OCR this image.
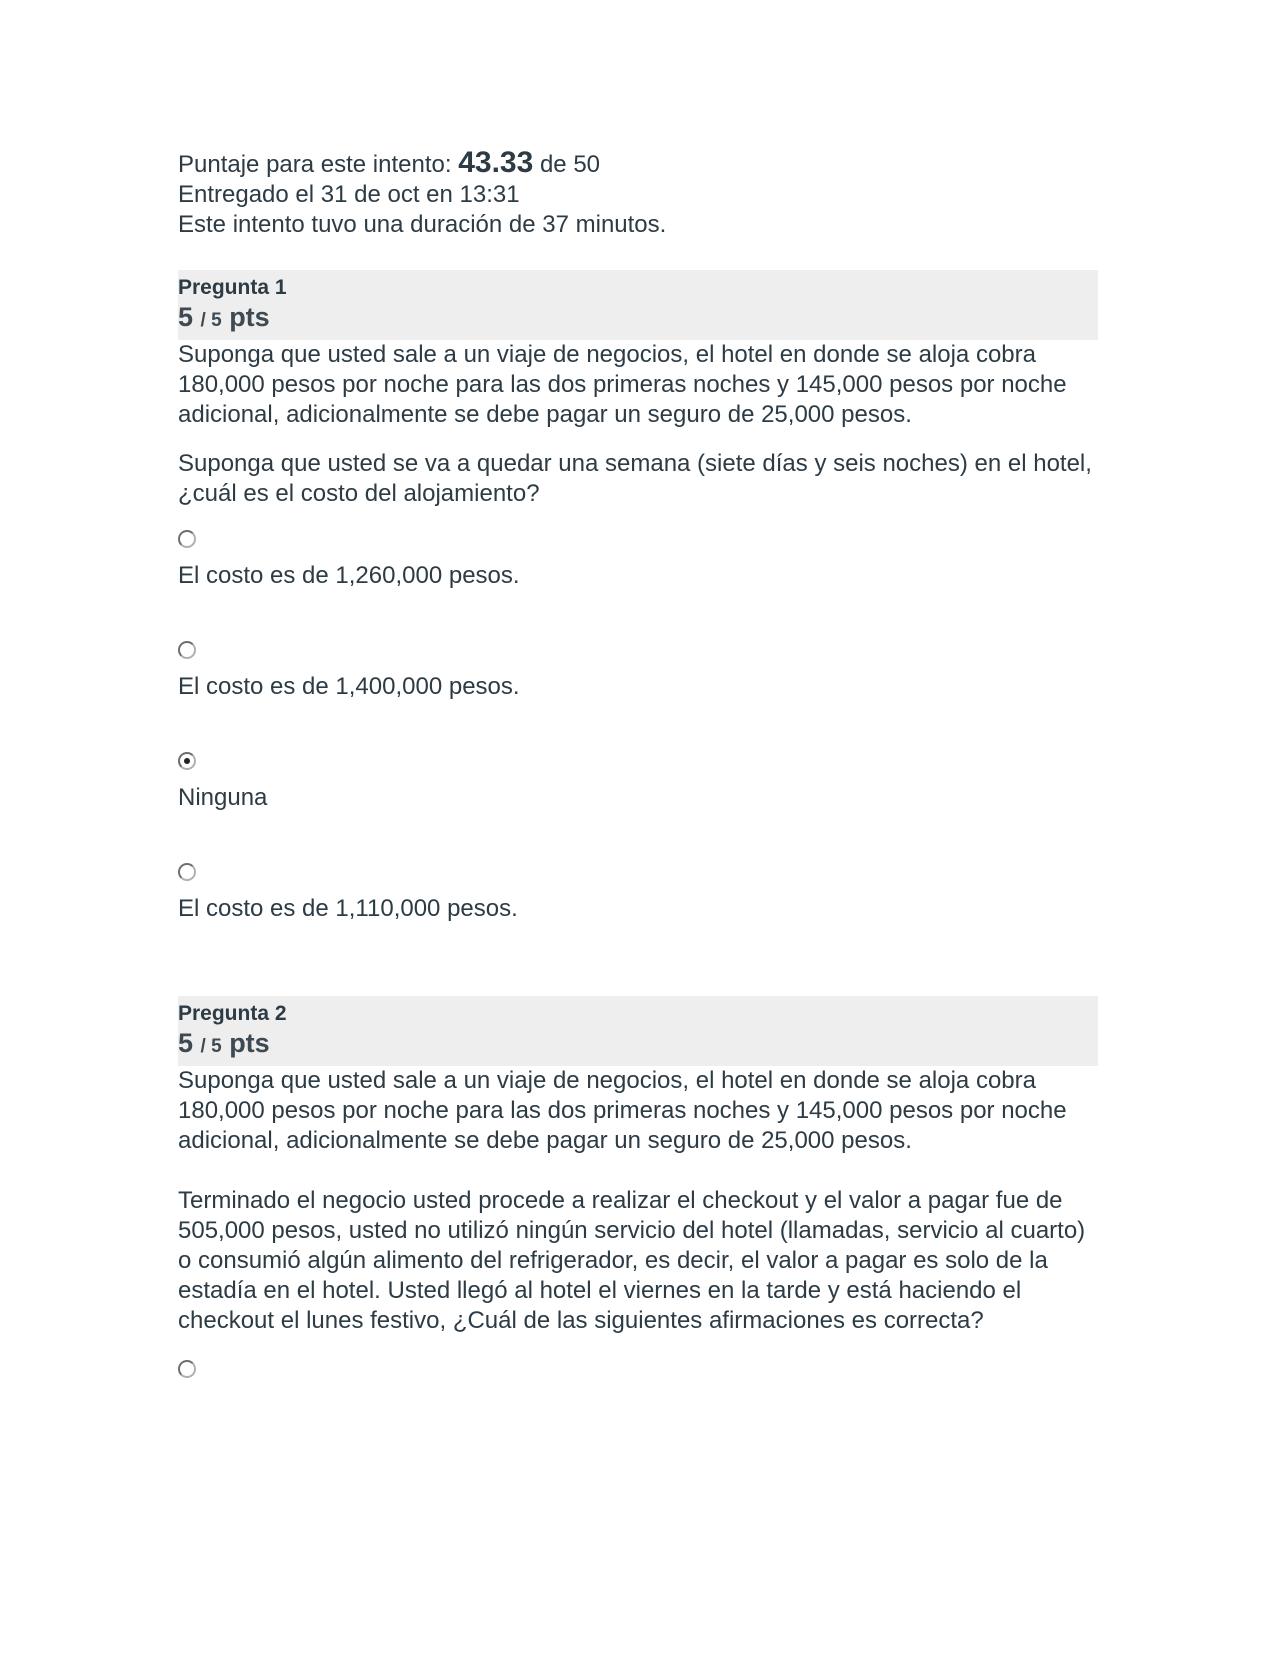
Puntaje para este intento: 43.33 de 50
Entregado el 31 de oct en 13:31
Este intento tuvo una duración de 37 minutos.
Pregunta 1
5 / 5 pts

Suponga que usted sale a un viaje de negocios, el hotel en donde se aloja cobra 180,000 pesos por noche para las dos primeras noches y 145,000 pesos por noche adicional, adicionalmente se debe pagar un seguro de 25,000 pesos.

Suponga que usted se va a quedar una semana (siete días y seis noches) en el hotel, ¿cuál es el costo del alojamiento?

El costo es de 1,260,000 pesos.
El costo es de 1,400,000 pesos.
Ninguna
El costo es de 1,110,000 pesos.
Pregunta 2
5 / 5 pts

Suponga que usted sale a un viaje de negocios, el hotel en donde se aloja cobra 180,000 pesos por noche para las dos primeras noches y 145,000 pesos por noche adicional, adicionalmente se debe pagar un seguro de 25,000 pesos.

Terminado el negocio usted procede a realizar el checkout y el valor a pagar fue de 505,000 pesos, usted no utilizó ningún servicio del hotel (llamadas, servicio al cuarto) o consumió algún alimento del refrigerador, es decir, el valor a pagar es solo de la estadía en el hotel. Usted llegó al hotel el viernes en la tarde y está haciendo el checkout el lunes festivo, ¿Cuál de las siguientes afirmaciones es correcta?
